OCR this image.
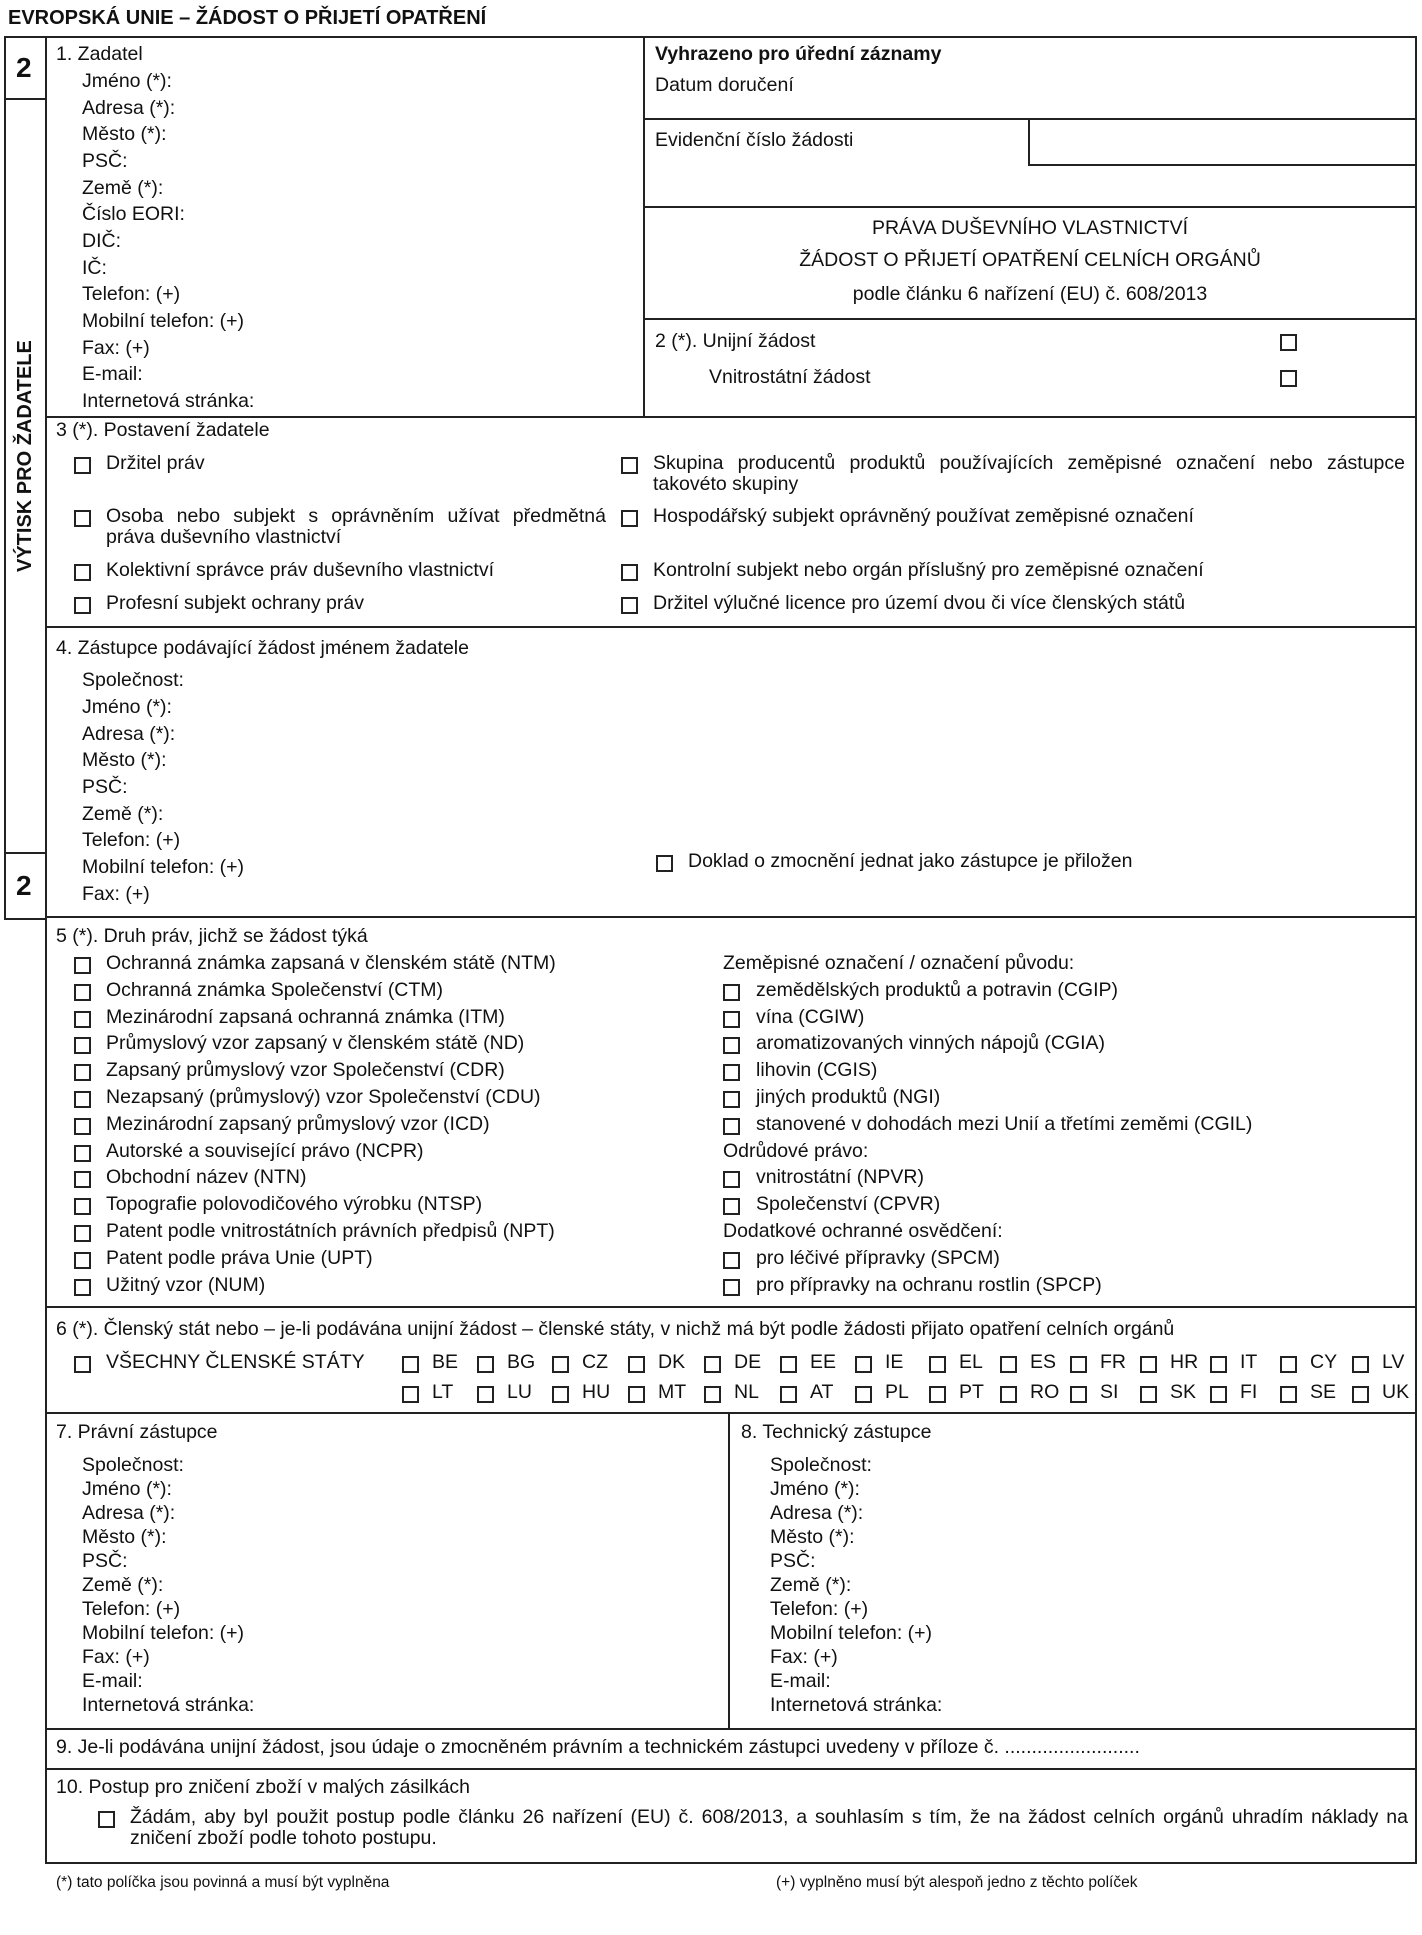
EVROPSKÁ UNIE – ŽÁDOST O PŘIJETÍ OPATŘENÍ
2
2
VÝTISK PRO ŽADATELE
1. Zadatel
Jméno (*):
Adresa (*):
Město (*):
PSČ:
Země (*):
Číslo EORI:
DIČ:
IČ:
Telefon: (+)
Mobilní telefon: (+)
Fax: (+)
E-mail:
Internetová stránka:
Vyhrazeno pro úřední záznamy
Datum doručení
Evidenční číslo žádosti
PRÁVA DUŠEVNÍHO VLASTNICTVÍ
ŽÁDOST O PŘIJETÍ OPATŘENÍ CELNÍCH ORGÁNŮ
podle článku 6 nařízení (EU) č. 608/2013
2 (*). Unijní žádost
Vnitrostátní žádost
3 (*). Postavení žadatele
Držitel práv
Osoba nebo subjekt s oprávněním užívat předmětná práva duševního vlastnictví
Kolektivní správce práv duševního vlastnictví
Profesní subjekt ochrany práv
Skupina producentů produktů používajících zeměpisné označení nebo zástupce takovéto skupiny
Hospodářský subjekt oprávněný používat zeměpisné označení
Kontrolní subjekt nebo orgán příslušný pro zeměpisné označení
Držitel výlučné licence pro území dvou či více členských států
4. Zástupce podávající žádost jménem žadatele
Společnost:
Jméno (*):
Adresa (*):
Město (*):
PSČ:
Země (*):
Telefon: (+)
Mobilní telefon: (+)
Fax: (+)
Doklad o zmocnění jednat jako zástupce je přiložen
5 (*). Druh práv, jichž se žádost týká
Ochranná známka zapsaná v členském státě (NTM)
Ochranná známka Společenství (CTM)
Mezinárodní zapsaná ochranná známka (ITM)
Průmyslový vzor zapsaný v členském státě (ND)
Zapsaný průmyslový vzor Společenství (CDR)
Nezapsaný (průmyslový) vzor Společenství (CDU)
Mezinárodní zapsaný průmyslový vzor (ICD)
Autorské a související právo (NCPR)
Obchodní název (NTN)
Topografie polovodičového výrobku (NTSP)
Patent podle vnitrostátních právních předpisů (NPT)
Patent podle práva Unie (UPT)
Užitný vzor (NUM)
Zeměpisné označení / označení původu:
zemědělských produktů a potravin (CGIP)
vína (CGIW)
aromatizovaných vinných nápojů (CGIA)
lihovin (CGIS)
jiných produktů (NGI)
stanovené v dohodách mezi Unií a třetími zeměmi (CGIL)
Odrůdové právo:
vnitrostátní (NPVR)
Společenství (CPVR)
Dodatkové ochranné osvědčení:
pro léčivé přípravky (SPCM)
pro přípravky na ochranu rostlin (SPCP)
6 (*). Členský stát nebo – je-li podávána unijní žádost – členské státy, v nichž má být podle žádosti přijato opatření celních orgánů
VŠECHNY ČLENSKÉ STÁTY	BE	BG CZ	DK	DE	EE	IE	EL ES FR HR IT	CY LV
LT	LU	HU MT NL	AT	PL	PT RO SI	SK FI	SE UK
7. Právní zástupce
Společnost:
Jméno (*):
Adresa (*):
Město (*):
PSČ:
Země (*):
Telefon: (+)
Mobilní telefon: (+)
Fax: (+)
E-mail:
Internetová stránka:
8. Technický zástupce
Společnost:
Jméno (*):
Adresa (*):
Město (*):
PSČ:
Země (*):
Telefon: (+)
Mobilní telefon: (+)
Fax: (+)
E-mail:
Internetová stránka:
9. Je-li podávána unijní žádost, jsou údaje o zmocněném právním a technickém zástupci uvedeny v příloze č. .........................
10. Postup pro zničení zboží v malých zásilkách
Žádám, aby byl použit postup podle článku 26 nařízení (EU) č. 608/2013, a souhlasím s tím, že na žádost celních orgánů uhradím náklady na zničení zboží podle tohoto postupu.
(*) tato políčka jsou povinná a musí být vyplněna	(+) vyplněno musí být alespoň jedno z těchto políček
